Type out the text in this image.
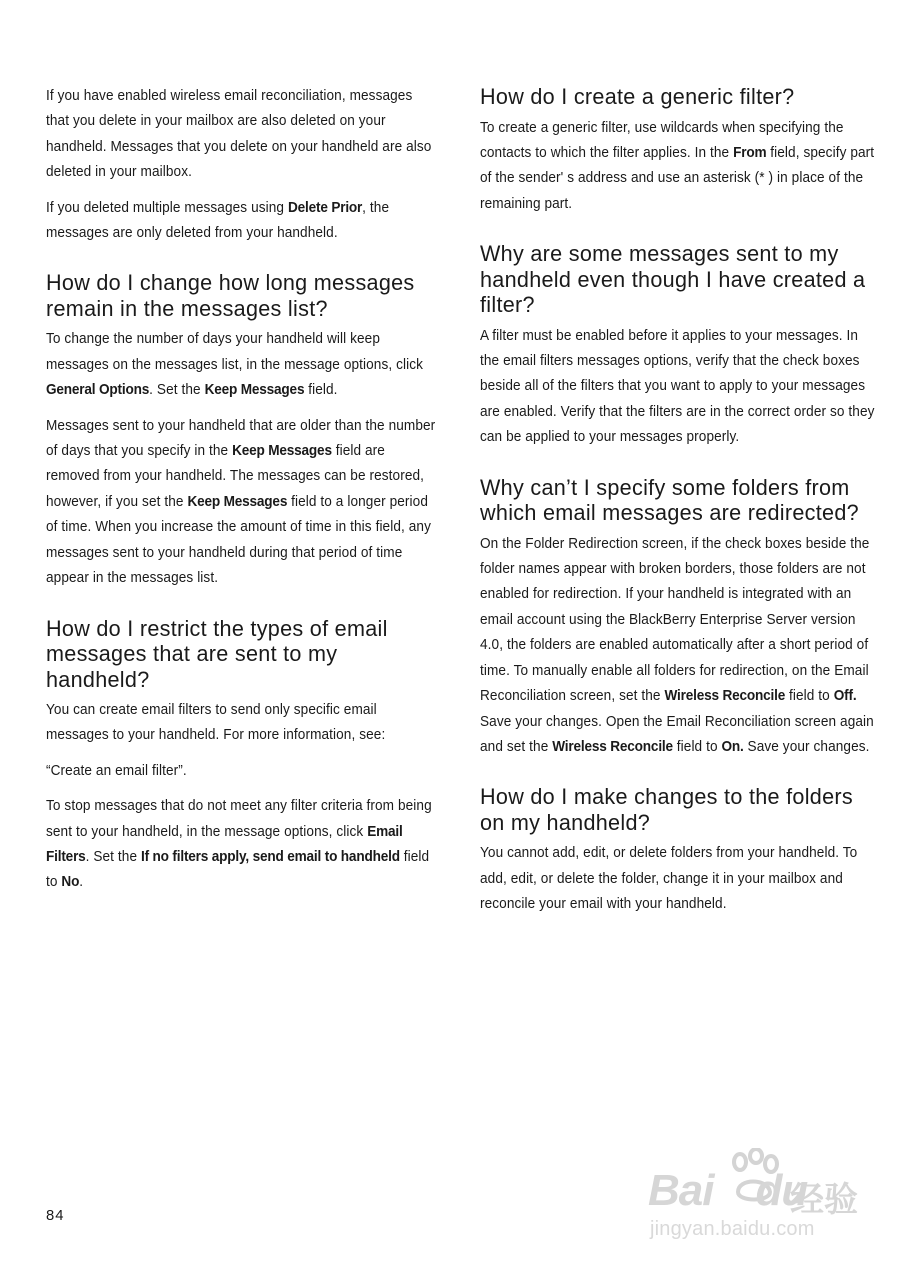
If you have enabled wireless email reconciliation, messages that you delete in your mailbox are also deleted on your handheld. Messages that you delete on your handheld are also deleted in your mailbox.

If you deleted multiple messages using Delete Prior, the messages are only deleted from your handheld.

How do I change how long messages remain in the messages list?

To change the number of days your handheld will keep messages on the messages list, in the message options, click General Options. Set the Keep Messages field.

Messages sent to your handheld that are older than the number of days that you specify in the Keep Messages field are removed from your handheld. The messages can be restored, however, if you set the Keep Messages field to a longer period of time. When you increase the amount of time in this field, any messages sent to your handheld during that period of time appear in the messages list.

How do I restrict the types of email messages that are sent to my handheld?

You can create email filters to send only specific email messages to your handheld. For more information, see:

“Create an email filter”.

To stop messages that do not meet any filter criteria from being sent to your handheld, in the message options, click Email Filters. Set the If no filters apply, send email to handheld field to No.

How do I create a generic filter?

To create a generic filter, use wildcards when specifying the contacts to which the filter applies. In the From field, specify part of the sender' s address and use an asterisk (* ) in place of the remaining part.

Why are some messages sent to my handheld even though I have created a filter?

A filter must be enabled before it applies to your messages. In the email filters messages options, verify that the check boxes beside all of the filters that you want to apply to your messages are enabled. Verify that the filters are in the correct order so they can be applied to your messages properly.

Why can’t I specify some folders from which email messages are redirected?

On the Folder Redirection screen, if the check boxes beside the folder names appear with broken borders, those folders are not enabled for redirection. If your handheld is integrated with an email account using the BlackBerry Enterprise Server version 4.0, the folders are enabled automatically after a short period of time. To manually enable all folders for redirection, on the Email Reconciliation screen, set the Wireless Reconcile field to Off. Save your changes. Open the Email Reconciliation screen again and set the Wireless Reconcile field to On. Save your changes.

How do I make changes to the folders on my handheld?

You cannot add, edit, or delete folders from your handheld. To add, edit, or delete the folder, change it in your mailbox and reconcile your email with your handheld.

84
Bai du
经验
jingyan.baidu.com
